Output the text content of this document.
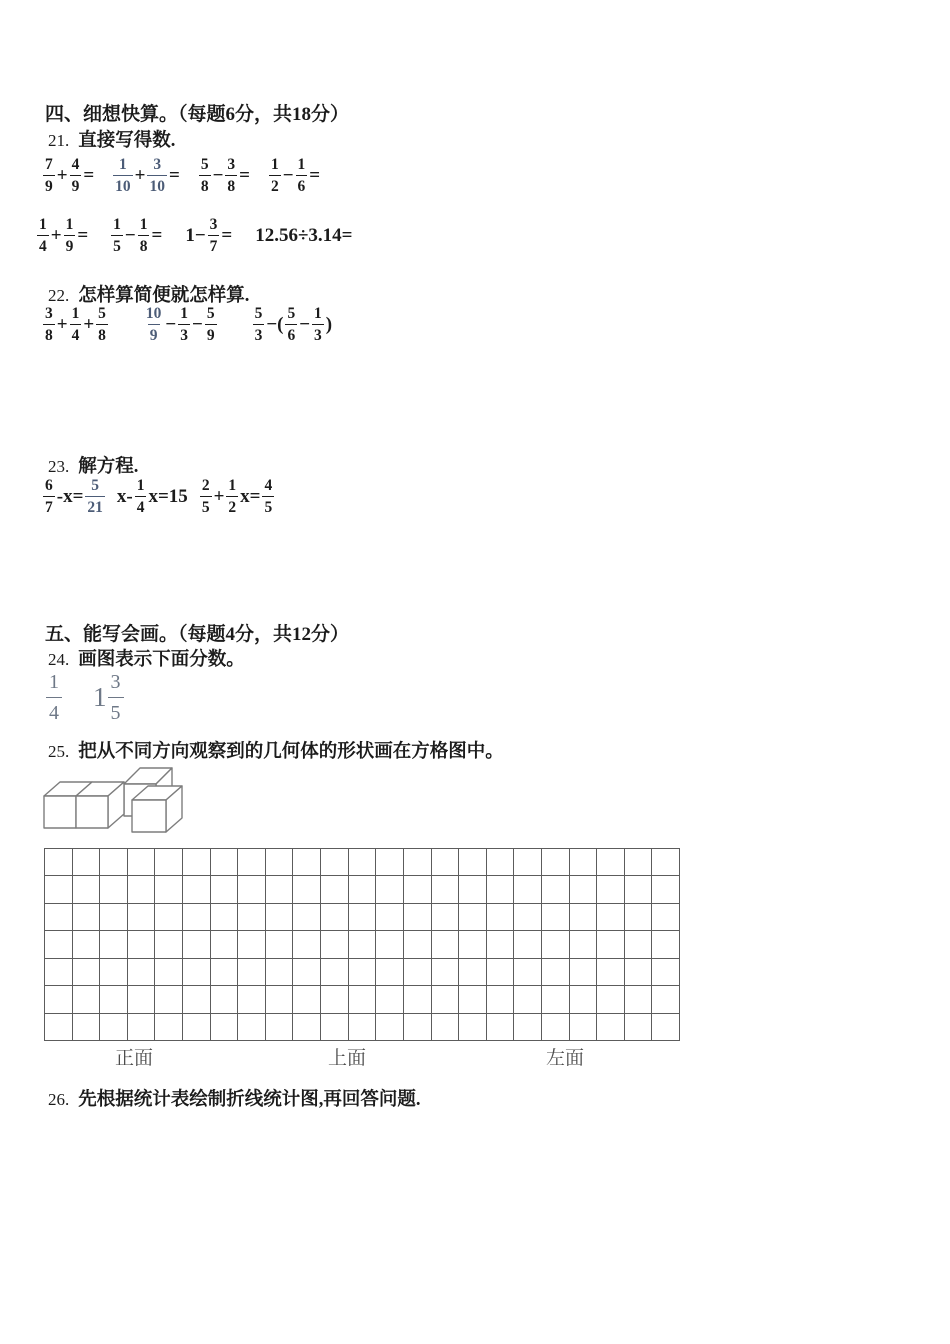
四、细想快算。（每题6分，共18分）
21. 直接写得数.
$\frac{7}{9} + \frac{4}{9} = \frac{1}{10} + \frac{3}{10} = \frac{5}{8} - \frac{3}{8} = \frac{1}{2} - \frac{1}{6}$ =
$\frac{1}{4} + \frac{1}{9} = \frac{1}{5} - \frac{1}{8} = 1- \frac{3}{7} = 12.56\div 3.14=$
22. 怎样算简便就怎样算.
$\frac{3}{8} + \frac{1}{4} + \frac{5}{8} \frac{10}{9} - \frac{1}{3} - \frac{5}{9} \frac{5}{3}$ −( $\frac{5}{6} - \frac{1}{3}$ )
23. 解方程.
$\frac{6}{7} -x= \frac{5}{21} x- \frac{1}{4} x=15 \frac{2}{5} + \frac{1}{2} x= \frac{4}{5}$
五、能写会画。（每题4分，共12分）
24. 画图表示下面分数。
$\frac{1}{4} 1 \frac{3}{5}$
25. 把从不同方向观察到的几何体的形状画在方格图中。
正面	上面	左面
26. 先根据统计表绘制折线统计图,再回答问题.
